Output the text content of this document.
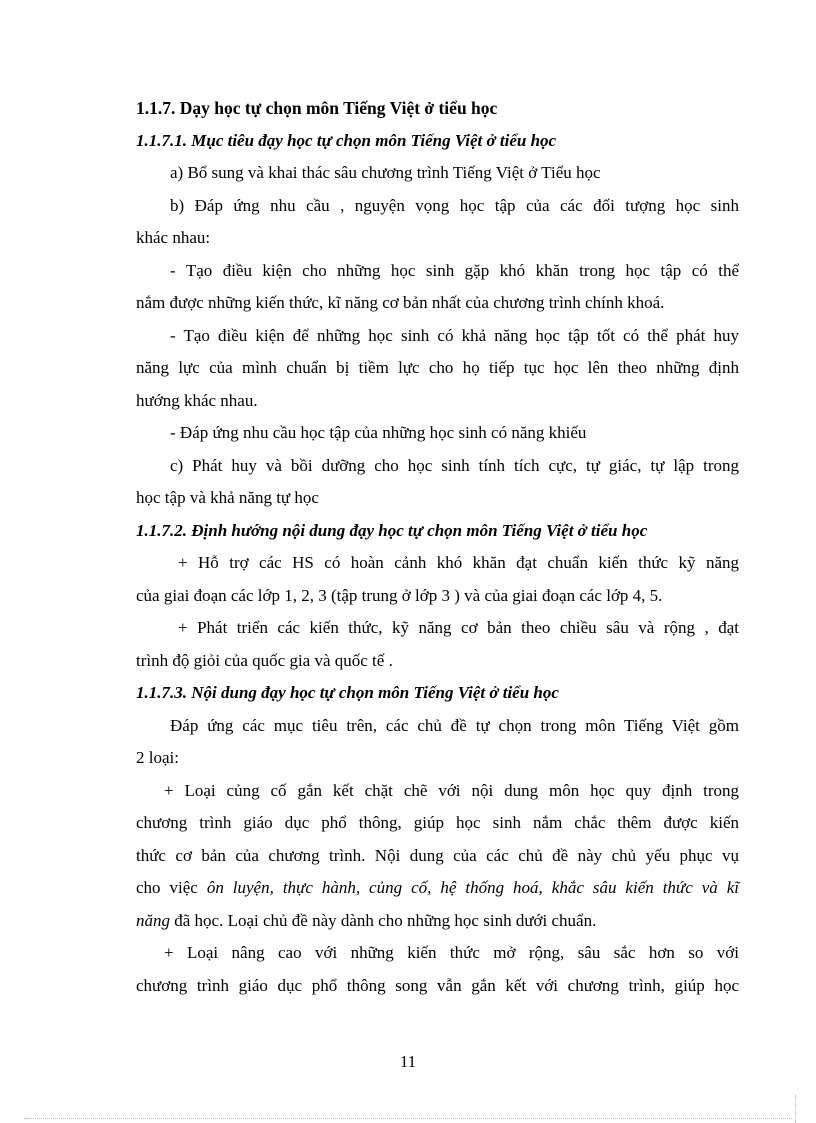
1.1.7. Dạy học tự chọn môn Tiếng Việt ở tiểu học
1.1.7.1. Mục tiêu đạy học tự chọn môn Tiếng Việt ở tiểu học
a) Bổ sung và khai thác sâu chương trình Tiếng Việt ở Tiểu học
b) Đáp ứng nhu cầu , nguyện vọng học tập của các đối tượng học sinh
khác nhau:
- Tạo điều kiện cho những học sinh gặp khó khăn trong học tập có thể
nắm được những kiến thức, kĩ năng cơ bản nhất của chương trình chính khoá.
- Tạo điều kiện để những học sinh có khả năng học tập tốt có thể phát huy
năng lực của mình chuẩn bị tiềm lực cho họ tiếp tục học lên theo những định
hướng khác nhau.
- Đáp ứng nhu cầu học tập của những học sinh có năng khiếu
c) Phát huy và bồi dưỡng cho học sinh tính tích cực, tự giác, tự lập trong
học tập và khả năng tự học
1.1.7.2. Định hướng nội dung đạy học tự chọn môn Tiếng Việt ở tiểu học
+ Hỗ trợ các HS có hoàn cảnh khó khăn đạt chuẩn kiến thức kỹ năng
của giai đoạn các lớp 1, 2, 3 (tập trung ở lớp 3 ) và của giai đoạn các lớp 4, 5.
+ Phát triển các kiến thức, kỹ năng cơ bản theo chiều sâu và rộng , đạt
trình độ giỏi của quốc gia và quốc tế .
1.1.7.3. Nội dung đạy học tự chọn môn Tiếng Việt ở tiểu học
Đáp ứng các mục tiêu trên, các chủ đề tự chọn trong môn Tiếng Việt gồm
2 loại:
+ Loại củng cố gắn kết chặt chẽ với nội dung môn học quy định trong
chương trình giáo dục phổ thông, giúp học sinh nắm chắc thêm được kiến
thức cơ bản của chương trình. Nội dung của các chủ đề này chủ yếu phục vụ
cho việc ôn luyện, thực hành, củng cố, hệ thống hoá, khắc sâu kiến thức và kĩ
năng đã học. Loại chủ đề này dành cho những học sinh dưới chuẩn.
+ Loại nâng cao với những kiến thức mở rộng, sâu sắc hơn so với
chương trình giáo dục phổ thông song vẫn gắn kết với chương trình, giúp học
11
